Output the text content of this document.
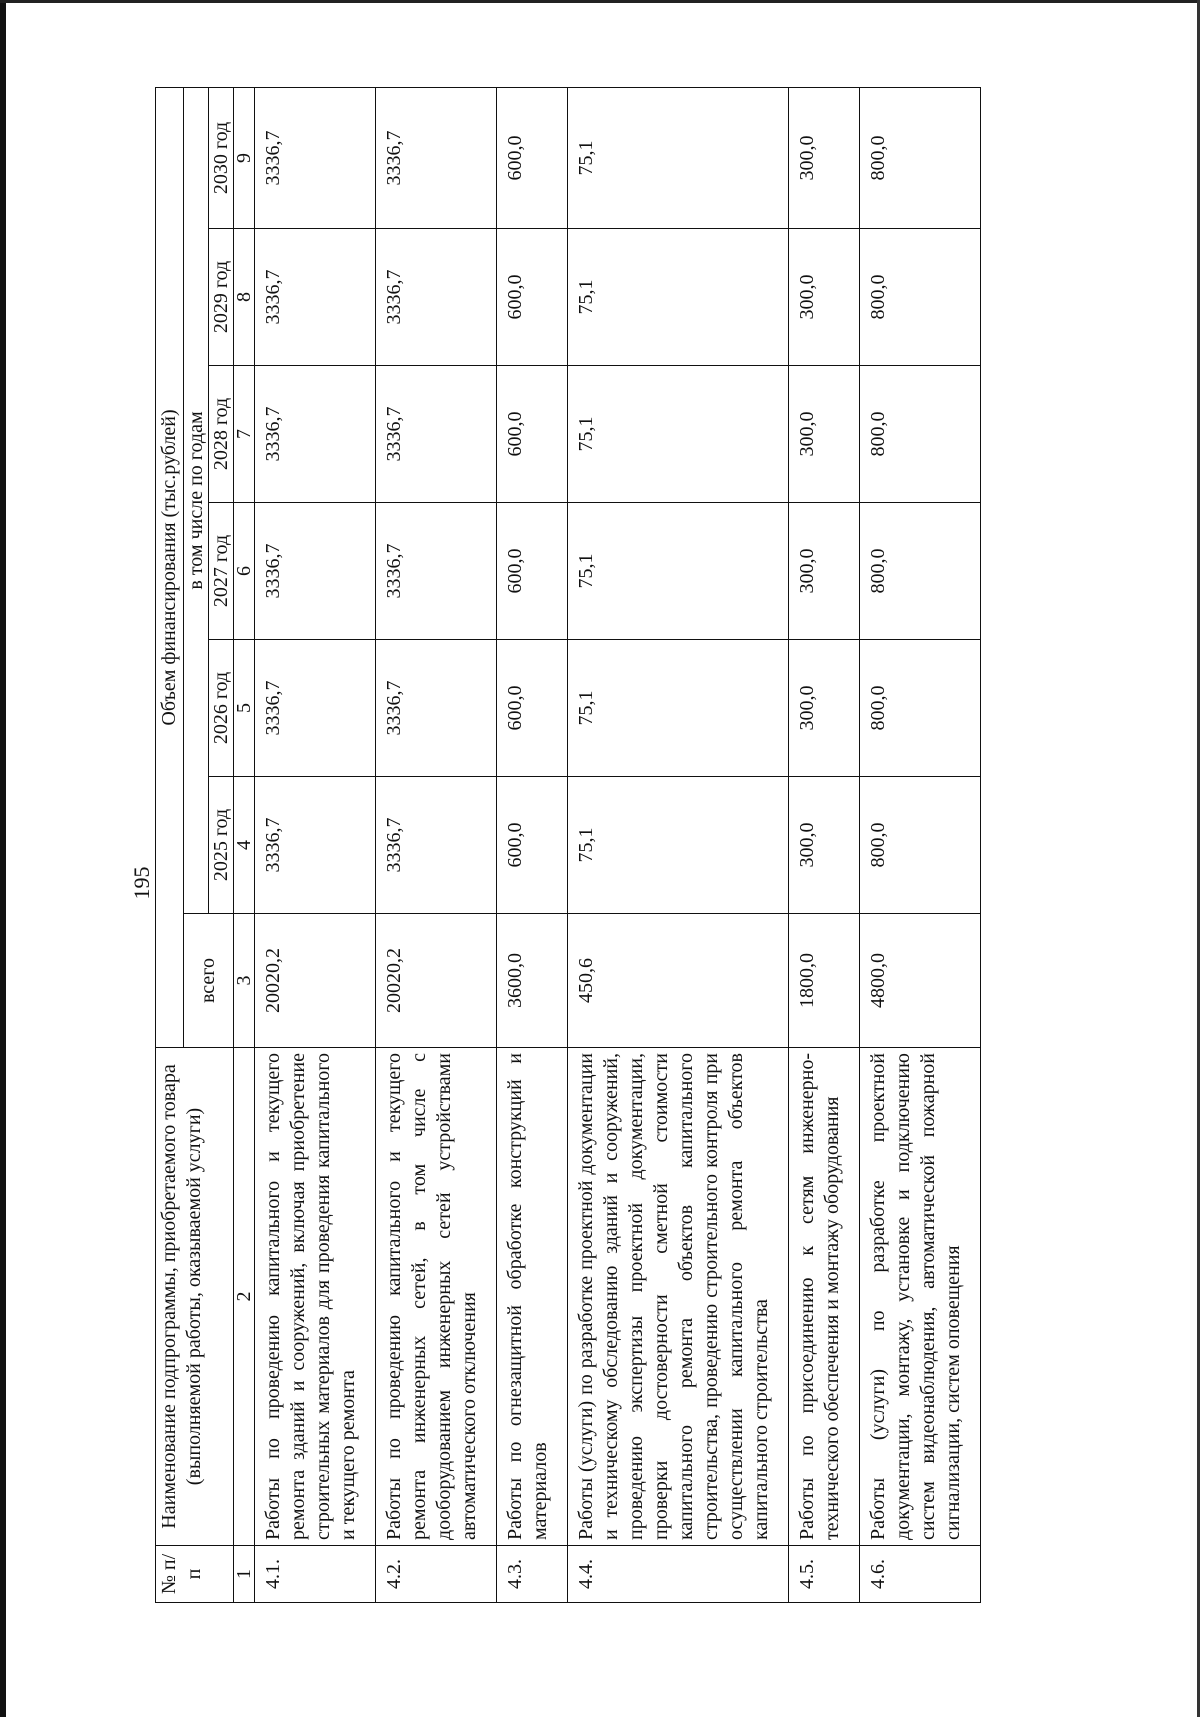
195
№ п/п	Наименование подпрограммы, приобретаемого товара (выполняемой работы, оказываемой услуги)	Объем финансирования (тыс.рублей)						
		всего	в том числе по годам					
			2025 год	2026 год	2027 год	2028 год	2029 год	2030 год
1	2	3	4	5	6	7	8	9
4.1.	Работы по проведению капитального и текущего ремонта зданий и сооружений, включая приобретение строительных материалов для проведения капитального и текущего ремонта	20020,2	3336,7	3336,7	3336,7	3336,7	3336,7	3336,7
4.2.	Работы по проведению капитального и текущего ремонта инженерных сетей, в том числе с дооборудованием инженерных сетей устройствами автоматического отключения	20020,2	3336,7	3336,7	3336,7	3336,7	3336,7	3336,7
4.3.	Работы по огнезащитной обработке конструкций и материалов	3600,0	600,0	600,0	600,0	600,0	600,0	600,0
4.4.	Работы (услуги) по разработке проектной документации и техническому обследованию зданий и сооружений, проведению экспертизы проектной документации, проверки достоверности сметной стоимости капитального ремонта объектов капитального строительства, проведению строительного контроля при осуществлении капитального ремонта объектов капитального строительства	450,6	75,1	75,1	75,1	75,1	75,1	75,1
4.5.	Работы по присоединению к сетям инженерно-технического обеспечения и монтажу оборудования	1800,0	300,0	300,0	300,0	300,0	300,0	300,0
4.6.	Работы (услуги) по разработке проектной документации, монтажу, установке и подключению систем видеонаблюдения, автоматической пожарной сигнализации, систем оповещения	4800,0	800,0	800,0	800,0	800,0	800,0	800,0
